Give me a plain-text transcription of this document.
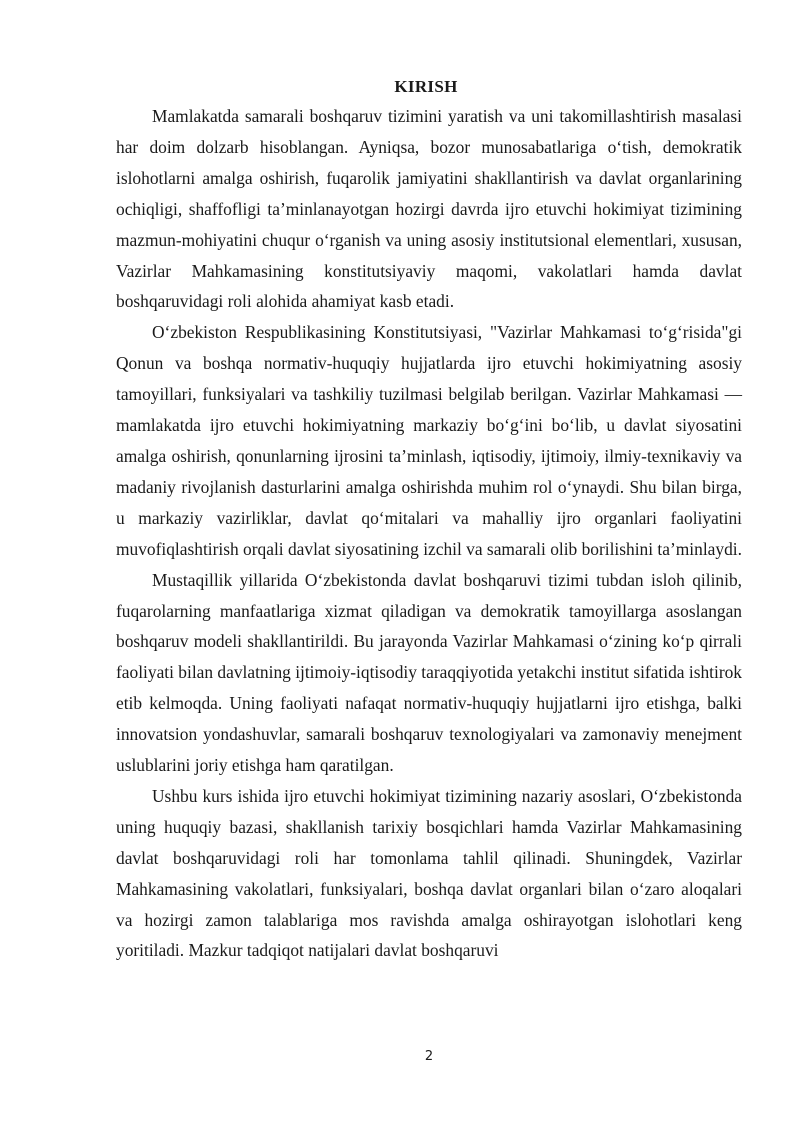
KIRISH

Mamlakatda samarali boshqaruv tizimini yaratish va uni takomillashtirish masalasi har doim dolzarb hisoblangan. Ayniqsa, bozor munosabatlariga o‘tish, demokratik islohotlarni amalga oshirish, fuqarolik jamiyatini shakllantirish va davlat organlarining ochiqligi, shaffofligi ta’minlanayotgan hozirgi davrda ijro etuvchi hokimiyat tizimining mazmun-mohiyatini chuqur o‘rganish va uning asosiy institutsional elementlari, xususan, Vazirlar Mahkamasining konstitutsiyaviy maqomi, vakolatlari hamda davlat boshqaruvidagi roli alohida ahamiyat kasb etadi.

O‘zbekiston Respublikasining Konstitutsiyasi, "Vazirlar Mahkamasi to‘g‘risida"gi Qonun va boshqa normativ-huquqiy hujjatlarda ijro etuvchi hokimiyatning asosiy tamoyillari, funksiyalari va tashkiliy tuzilmasi belgilab berilgan. Vazirlar Mahkamasi — mamlakatda ijro etuvchi hokimiyatning markaziy bo‘g‘ini bo‘lib, u davlat siyosatini amalga oshirish, qonunlarning ijrosini ta’minlash, iqtisodiy, ijtimoiy, ilmiy-texnikaviy va madaniy rivojlanish dasturlarini amalga oshirishda muhim rol o‘ynaydi. Shu bilan birga, u markaziy vazirliklar, davlat qo‘mitalari va mahalliy ijro organlari faoliyatini muvofiqlashtirish orqali davlat siyosatining izchil va samarali olib borilishini ta’minlaydi.

Mustaqillik yillarida O‘zbekistonda davlat boshqaruvi tizimi tubdan isloh qilinib, fuqarolarning manfaatlariga xizmat qiladigan va demokratik tamoyillarga asoslangan boshqaruv modeli shakllantirildi. Bu jarayonda Vazirlar Mahkamasi o‘zining ko‘p qirrali faoliyati bilan davlatning ijtimoiy-iqtisodiy taraqqiyotida yetakchi institut sifatida ishtirok etib kelmoqda. Uning faoliyati nafaqat normativ-huquqiy hujjatlarni ijro etishga, balki innovatsion yondashuvlar, samarali boshqaruv texnologiyalari va zamonaviy menejment uslublarini joriy etishga ham qaratilgan.

Ushbu kurs ishida ijro etuvchi hokimiyat tizimining nazariy asoslari, O‘zbekistonda uning huquqiy bazasi, shakllanish tarixiy bosqichlari hamda Vazirlar Mahkamasining davlat boshqaruvidagi roli har tomonlama tahlil qilinadi. Shuningdek, Vazirlar Mahkamasining vakolatlari, funksiyalari, boshqa davlat organlari bilan o‘zaro aloqalari va hozirgi zamon talablariga mos ravishda amalga oshirayotgan islohotlari keng yoritiladi. Mazkur tadqiqot natijalari davlat boshqaruvi

2
